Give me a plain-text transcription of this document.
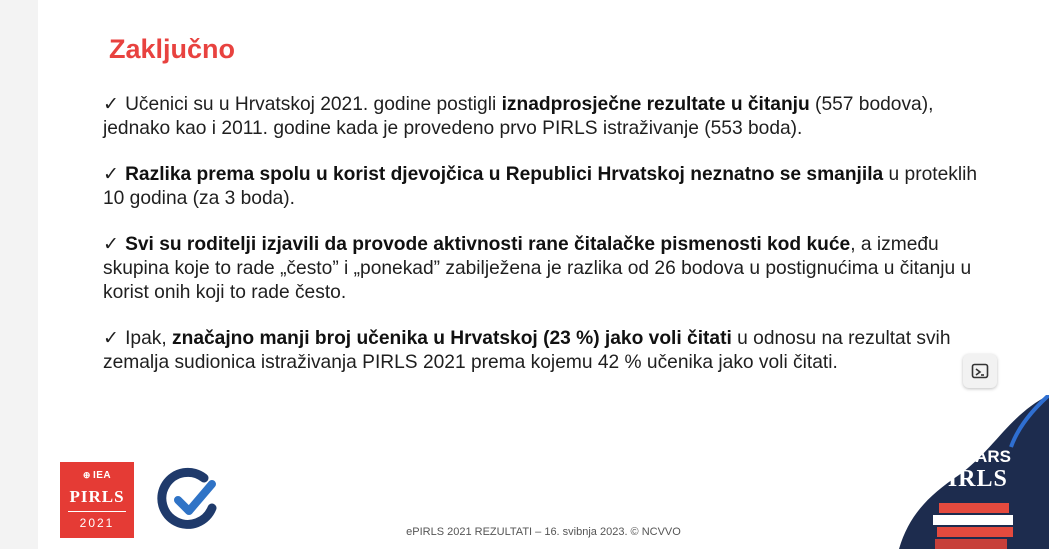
Zaključno

✓ Učenici su u Hrvatskoj 2021. godine postigli iznadprosječne rezultate u čitanju (557 bodova), jednako kao i 2011. godine kada je provedeno prvo PIRLS istraživanje (553 boda).

✓ Razlika prema spolu u korist djevojčica u Republici Hrvatskoj neznatno se smanjila u proteklih 10 godina (za 3 boda).

✓ Svi su roditelji izjavili da provode aktivnosti rane čitalačke pismenosti kod kuće, a između skupina koje to rade „često” i „ponekad” zabilježena je razlika od 26 bodova u postignućima u čitanju u korist onih koji to rade često.

✓ Ipak, značajno manji broj učenika u Hrvatskoj (23 %) jako voli čitati u odnosu na rezultat svih zemalja sudionica istraživanja PIRLS 2021 prema kojemu 42 % učenika jako voli čitati.

⊕ IEA
PIRLS
2021
ePIRLS 2021 REZULTATI – 16. svibnja 2023. © NCVVO
20 YEARS
PIRLS
